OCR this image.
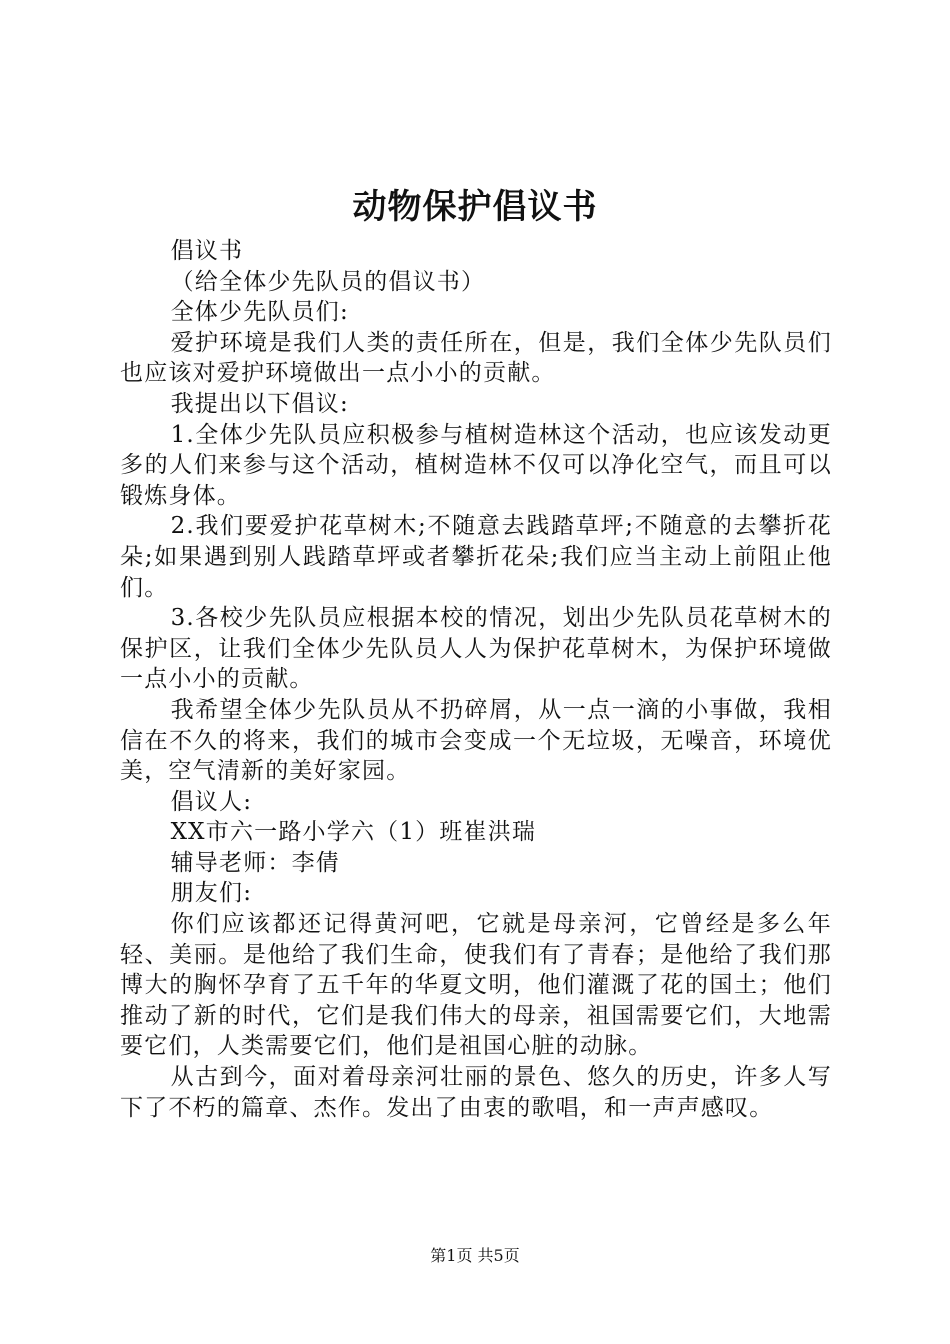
动物保护倡议书

倡议书

（给全体少先队员的倡议书）

全体少先队员们:

爱护环境是我们人类的责任所在，但是，我们全体少先队员们也应该对爱护环境做出一点小小的贡献。

我提出以下倡议:

1.全体少先队员应积极参与植树造林这个活动，也应该发动更多的人们来参与这个活动，植树造林不仅可以净化空气，而且可以锻炼身体。

2.我们要爱护花草树木;不随意去践踏草坪;不随意的去攀折花朵;如果遇到别人践踏草坪或者攀折花朵;我们应当主动上前阻止他们。

3.各校少先队员应根据本校的情况，划出少先队员花草树木的保护区，让我们全体少先队员人人为保护花草树木，为保护环境做一点小小的贡献。

我希望全体少先队员从不扔碎屑，从一点一滴的小事做，我相信在不久的将来，我们的城市会变成一个无垃圾，无噪音，环境优美，空气清新的美好家园。

倡议人:

XX市六一路小学六（1）班崔洪瑞

辅导老师：李倩

朋友们:

你们应该都还记得黄河吧，它就是母亲河，它曾经是多么年轻、美丽。是他给了我们生命，使我们有了青春；是他给了我们那博大的胸怀孕育了五千年的华夏文明，他们灌溉了花的国土；他们推动了新的时代，它们是我们伟大的母亲，祖国需要它们，大地需要它们，人类需要它们，他们是祖国心脏的动脉。

从古到今，面对着母亲河壮丽的景色、悠久的历史，许多人写下了不朽的篇章、杰作。发出了由衷的歌唱，和一声声感叹。

第1页 共5页
